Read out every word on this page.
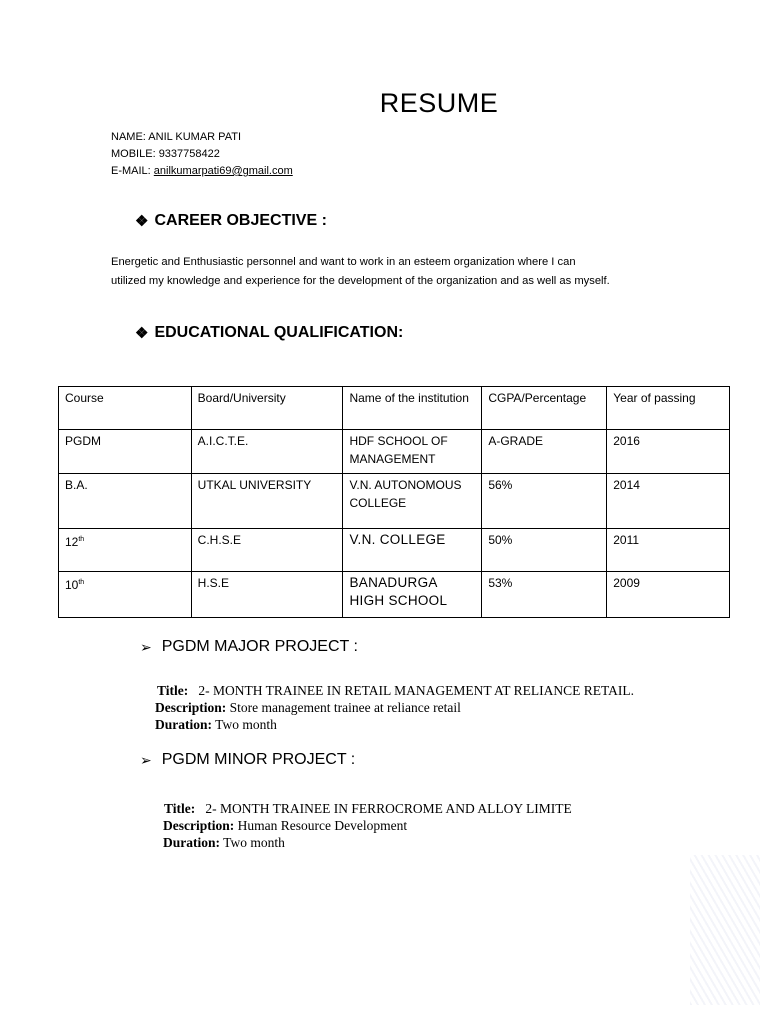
RESUME
NAME: ANIL KUMAR PATI
MOBILE: 9337758422
E-MAIL: anilkumarpati69@gmail.com
❖ CAREER OBJECTIVE :
Energetic and Enthusiastic personnel and want to work in an esteem organization where I can
utilized my knowledge and experience for the development of the organization and as well as myself.
❖ EDUCATIONAL QUALIFICATION:
Course	Board/University	Name of the institution	CGPA/Percentage	Year of passing
PGDM	A.I.C.T.E.	HDF SCHOOL OF MANAGEMENT	A-GRADE	2016
B.A.	UTKAL UNIVERSITY	V.N. AUTONOMOUS COLLEGE	56%	2014
12th	C.H.S.E	V.N. COLLEGE	50%	2011
10th	H.S.E	BANADURGA HIGH SCHOOL	53%	2009
➢ PGDM MAJOR PROJECT :
Title: 2- MONTH TRAINEE IN RETAIL MANAGEMENT AT RELIANCE RETAIL.
Description: Store management trainee at reliance retail
Duration: Two month
➢ PGDM MINOR PROJECT :
Title: 2- MONTH TRAINEE IN FERROCROME AND ALLOY LIMITE
Description: Human Resource Development
Duration: Two month
